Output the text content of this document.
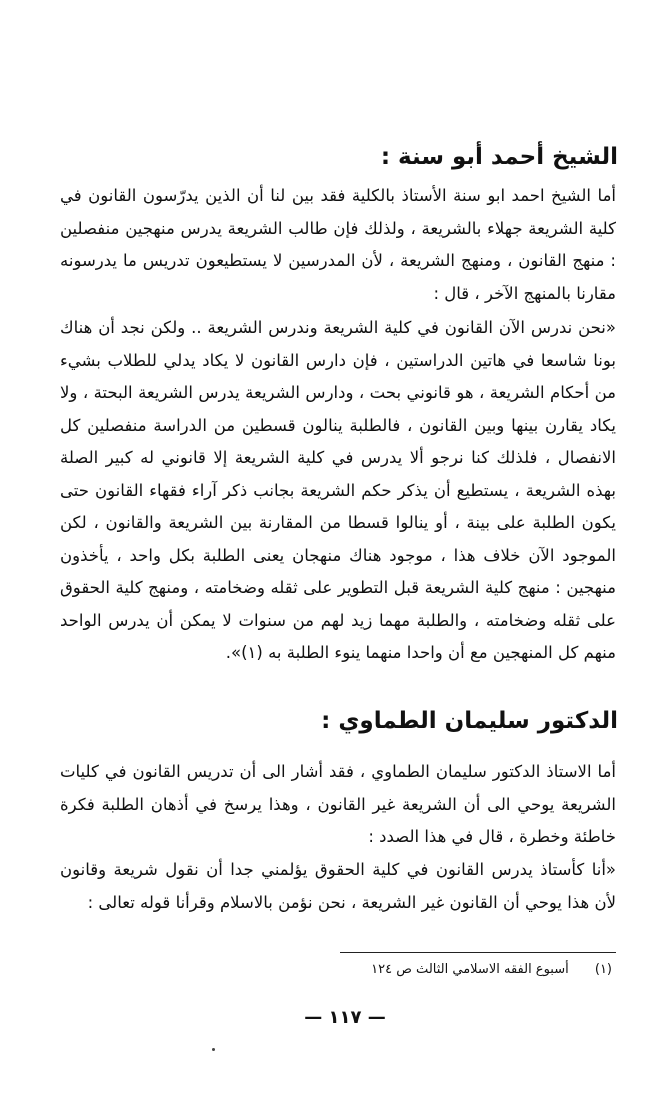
الشيخ أحمد أبو سنة :
أما الشيخ احمد ابو سنة الأستاذ بالكلية فقد بين لنا أن الذين يدرّسون القانون في كلية الشريعة جهلاء بالشريعة ، ولذلك فإن طالب الشريعة يدرس منهجين منفصلين : منهج القانون ، ومنهج الشريعة ، لأن المدرسين لا يستطيعون تدريس ما يدرسونه مقارنا بالمنهج الآخر ، قال :
«نحن ندرس الآن القانون في كلية الشريعة وندرس الشريعة .. ولكن نجد أن هناك بونا شاسعا في هاتين الدراستين ، فإن دارس القانون لا يكاد يدلي للطلاب بشيء من أحكام الشريعة ، هو قانوني بحت ، ودارس الشريعة يدرس الشريعة البحتة ، ولا يكاد يقارن بينها وبين القانون ، فالطلبة ينالون قسطين من الدراسة منفصلين كل الانفصال ، فلذلك كنا نرجو ألا يدرس في كلية الشريعة إلا قانوني له كبير الصلة بهذه الشريعة ، يستطيع أن يذكر حكم الشريعة بجانب ذكر آراء فقهاء القانون حتى يكون الطلبة على بينة ، أو ينالوا قسطا من المقارنة بين الشريعة والقانون ، لكن الموجود الآن خلاف هذا ، موجود هناك منهجان يعنى الطلبة بكل واحد ، يأخذون منهجين : منهج كلية الشريعة قبل التطوير على ثقله وضخامته ، ومنهج كلية الحقوق على ثقله وضخامته ، والطلبة مهما زيد لهم من سنوات لا يمكن أن يدرس الواحد منهم كل المنهجين مع أن واحدا منهما ينوء الطلبة به (١)».
الدكتور سليمان الطماوي :
أما الاستاذ الدكتور سليمان الطماوي ، فقد أشار الى أن تدريس القانون في كليات الشريعة يوحي الى أن الشريعة غير القانون ، وهذا يرسخ في أذهان الطلبة فكرة خاطئة وخطرة ، قال في هذا الصدد :
«أنا كأستاذ يدرس القانون في كلية الحقوق يؤلمني جدا أن نقول شريعة وقانون لأن هذا يوحي أن القانون غير الشريعة ، نحن نؤمن بالاسلام وقرأنا قوله تعالى :
(١) أسبوع الفقه الاسلامي الثالث ص ١٢٤
— ١١٧ —
